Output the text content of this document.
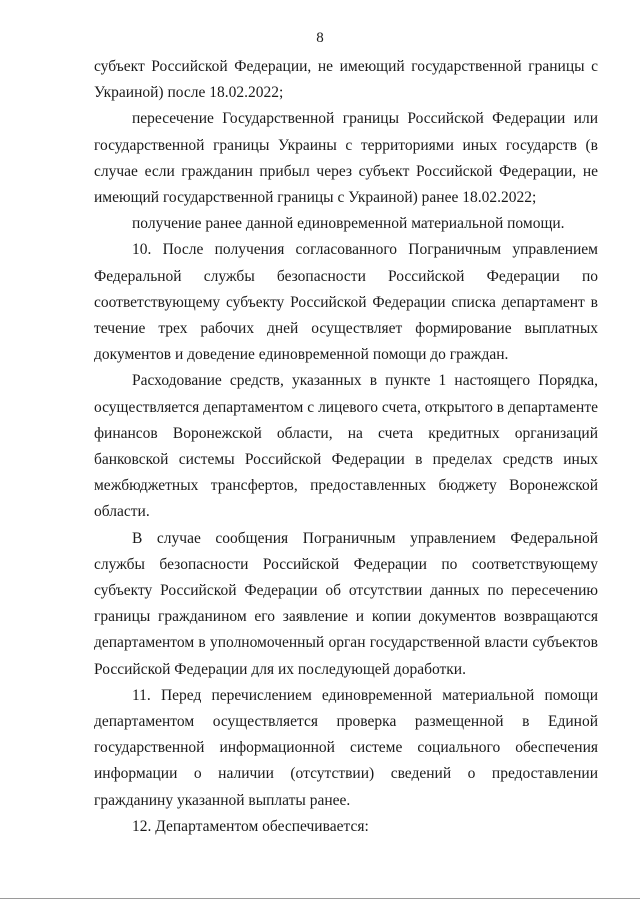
8

субъект Российской Федерации, не имеющий государственной границы с Украиной) после 18.02.2022;

пересечение Государственной границы Российской Федерации или государственной границы Украины с территориями иных государств (в случае если гражданин прибыл через субъект Российской Федерации, не имеющий государственной границы с Украиной) ранее 18.02.2022;

получение ранее данной единовременной материальной помощи.

10. После получения согласованного Пограничным управлением Федеральной службы безопасности Российской Федерации по соответствующему субъекту Российской Федерации списка департамент в течение трех рабочих дней осуществляет формирование выплатных документов и доведение единовременной помощи до граждан.

Расходование средств, указанных в пункте 1 настоящего Порядка, осуществляется департаментом с лицевого счета, открытого в департаменте финансов Воронежской области, на счета кредитных организаций банковской системы Российской Федерации в пределах средств иных межбюджетных трансфертов, предоставленных бюджету Воронежской области.

В случае сообщения Пограничным управлением Федеральной службы безопасности Российской Федерации по соответствующему субъекту Российской Федерации об отсутствии данных по пересечению границы гражданином его заявление и копии документов возвращаются департаментом в уполномоченный орган государственной власти субъектов Российской Федерации для их последующей доработки.

11. Перед перечислением единовременной материальной помощи департаментом осуществляется проверка размещенной в Единой государственной информационной системе социального обеспечения информации о наличии (отсутствии) сведений о предоставлении гражданину указанной выплаты ранее.

12. Департаментом обеспечивается:
